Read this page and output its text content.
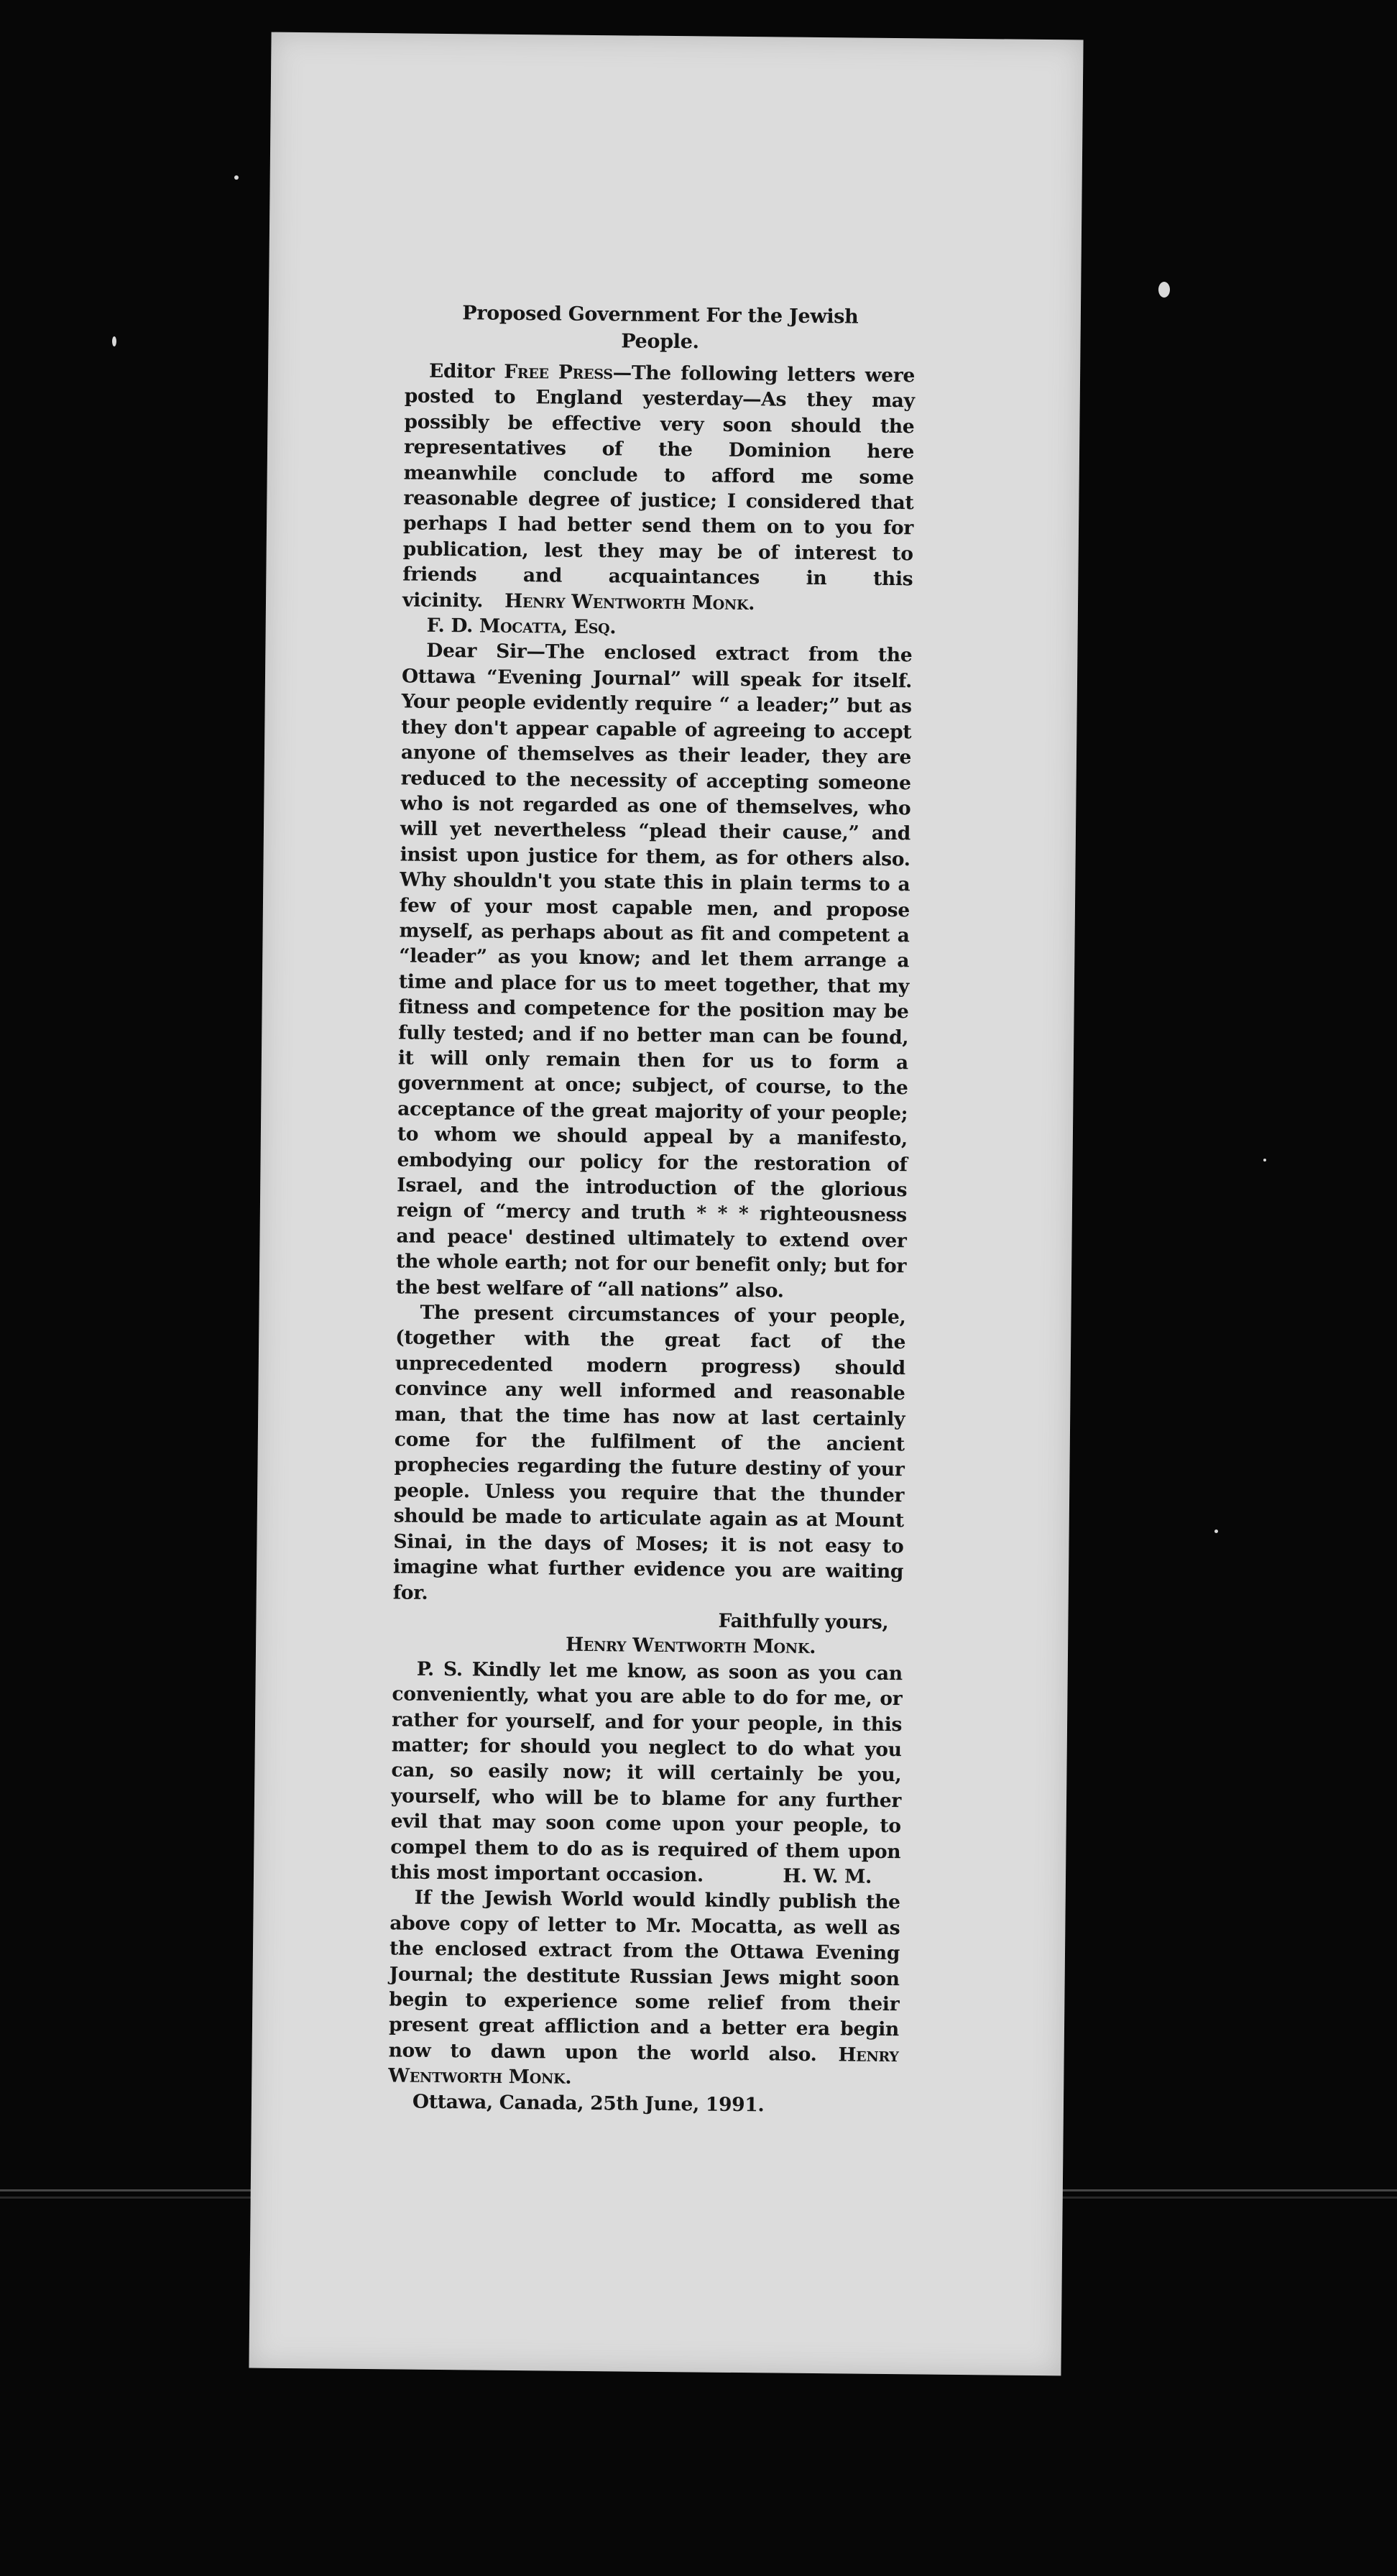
Proposed Government For the Jewish
People.

Editor Free Press—The following letters were posted to England yesterday—As they may possibly be effective very soon should the representatives of the Dominion here meanwhile conclude to afford me some reasonable degree of justice; I considered that perhaps I had better send them on to you for publication, lest they may be of interest to friends and acquaintances in this vicinity. Henry Wentworth Monk.

F. D. Mocatta, Esq.

Dear Sir—The enclosed extract from the Ottawa “Evening Journal” will speak for itself. Your people evidently require “ a leader;” but as they don't appear capable of agreeing to accept anyone of themselves as their leader, they are reduced to the necessity of accepting someone who is not regarded as one of themselves, who will yet nevertheless “plead their cause,” and insist upon justice for them, as for others also. Why shouldn't you state this in plain terms to a few of your most capable men, and propose myself, as perhaps about as fit and competent a “leader” as you know; and let them arrange a time and place for us to meet together, that my fitness and competence for the position may be fully tested; and if no better man can be found, it will only remain then for us to form a government at once; subject, of course, to the acceptance of the great majority of your people; to whom we should appeal by a manifesto, embodying our policy for the restoration of Israel, and the introduction of the glorious reign of “mercy and truth * * * righteousness and peace' destined ultimately to extend over the whole earth; not for our benefit only; but for the best welfare of “all nations” also.

The present circumstances of your people, (together with the great fact of the unprecedented modern progress) should convince any well informed and reasonable man, that the time has now at last certainly come for the fulfilment of the ancient prophecies regarding the future destiny of your people. Unless you require that the thunder should be made to articulate again as at Mount Sinai, in the days of Moses; it is not easy to imagine what further evidence you are waiting for.

Faithfully yours,

Henry Wentworth Monk.

P. S. Kindly let me know, as soon as you can conveniently, what you are able to do for me, or rather for yourself, and for your people, in this matter; for should you neglect to do what you can, so easily now; it will certainly be you, yourself, who will be to blame for any further evil that may soon come upon your people, to compel them to do as is required of them upon this most important occasion.	H. W. M.

If the Jewish World would kindly publish the above copy of letter to Mr. Mocatta, as well as the enclosed extract from the Ottawa Evening Journal; the destitute Russian Jews might soon begin to experience some relief from their present great affliction and a better era begin now to dawn upon the world also. Henry Wentworth Monk.

Ottawa, Canada, 25th June, 1991.
